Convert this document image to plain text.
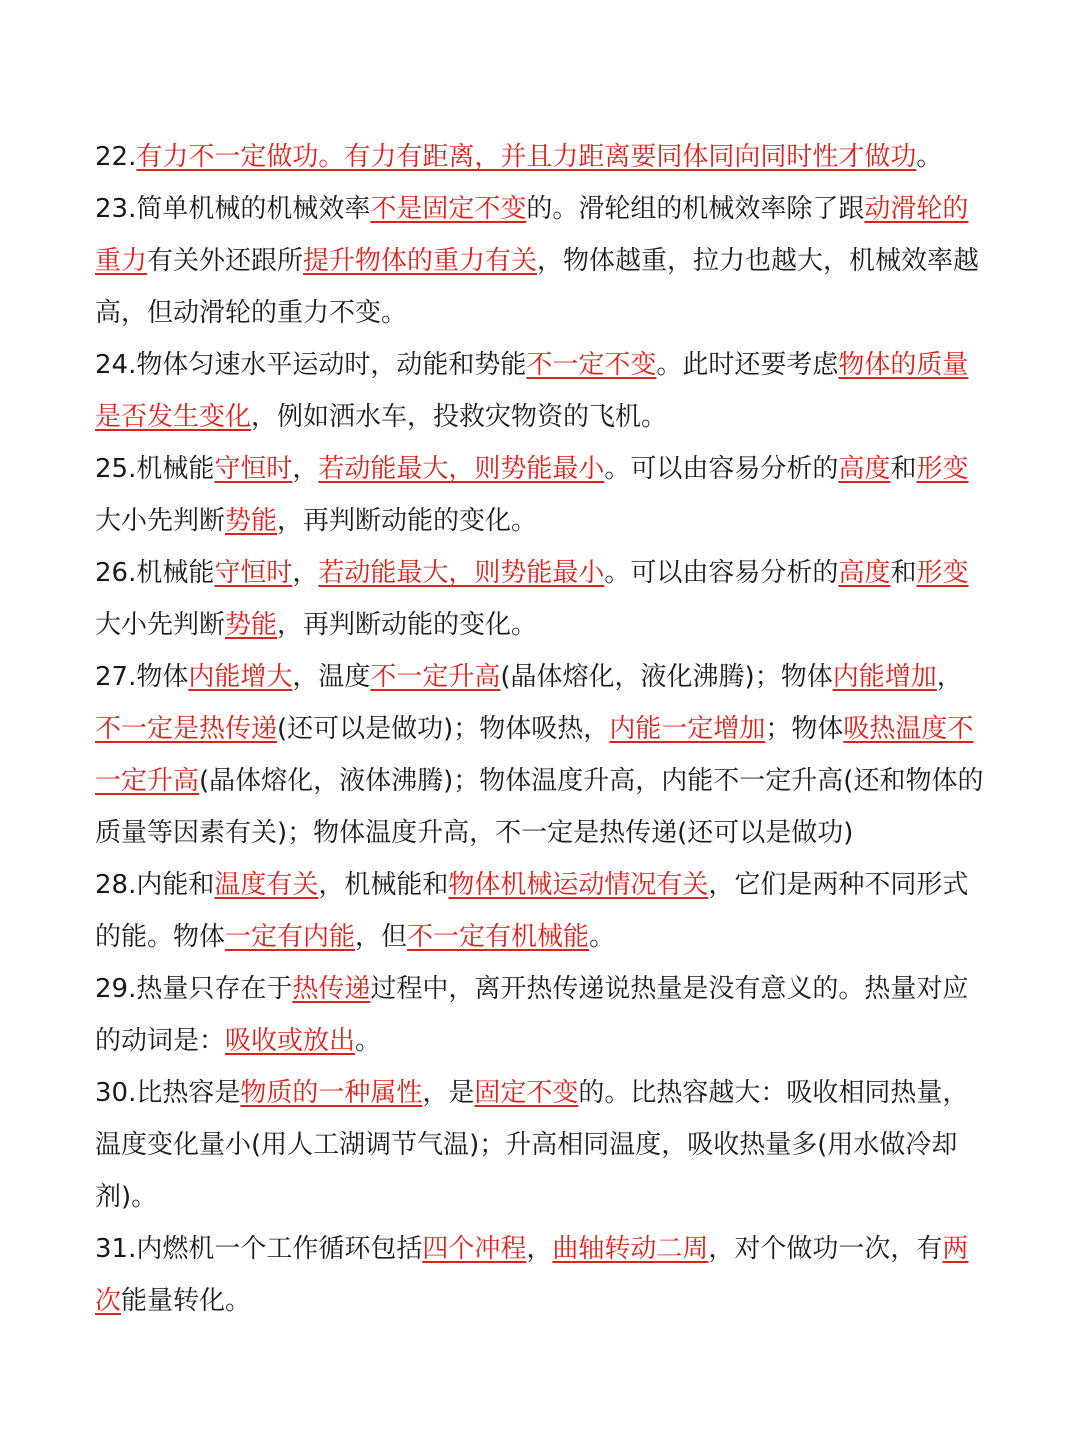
22.有力不一定做功。有力有距离，并且力距离要同体同向同时性才做功。

23.简单机械的机械效率不是固定不变的。滑轮组的机械效率除了跟动滑轮的重力有关外还跟所提升物体的重力有关，物体越重，拉力也越大，机械效率越高，但动滑轮的重力不变。

24.物体匀速水平运动时，动能和势能不一定不变。此时还要考虑物体的质量是否发生变化，例如洒水车，投救灾物资的飞机。

25.机械能守恒时，若动能最大，则势能最小。可以由容易分析的高度和形变大小先判断势能，再判断动能的变化。

26.机械能守恒时，若动能最大，则势能最小。可以由容易分析的高度和形变大小先判断势能，再判断动能的变化。

27.物体内能增大，温度不一定升高(晶体熔化，液化沸腾)；物体内能增加，不一定是热传递(还可以是做功)；物体吸热，内能一定增加；物体吸热温度不一定升高(晶体熔化，液体沸腾)；物体温度升高，内能不一定升高(还和物体的质量等因素有关)；物体温度升高，不一定是热传递(还可以是做功)

28.内能和温度有关，机械能和物体机械运动情况有关，它们是两种不同形式的能。物体一定有内能，但不一定有机械能。

29.热量只存在于热传递过程中，离开热传递说热量是没有意义的。热量对应的动词是：吸收或放出。

30.比热容是物质的一种属性，是固定不变的。比热容越大：吸收相同热量，温度变化量小(用人工湖调节气温)；升高相同温度，吸收热量多(用水做冷却剂)。

31.内燃机一个工作循环包括四个冲程，曲轴转动二周，对个做功一次，有两次能量转化。
